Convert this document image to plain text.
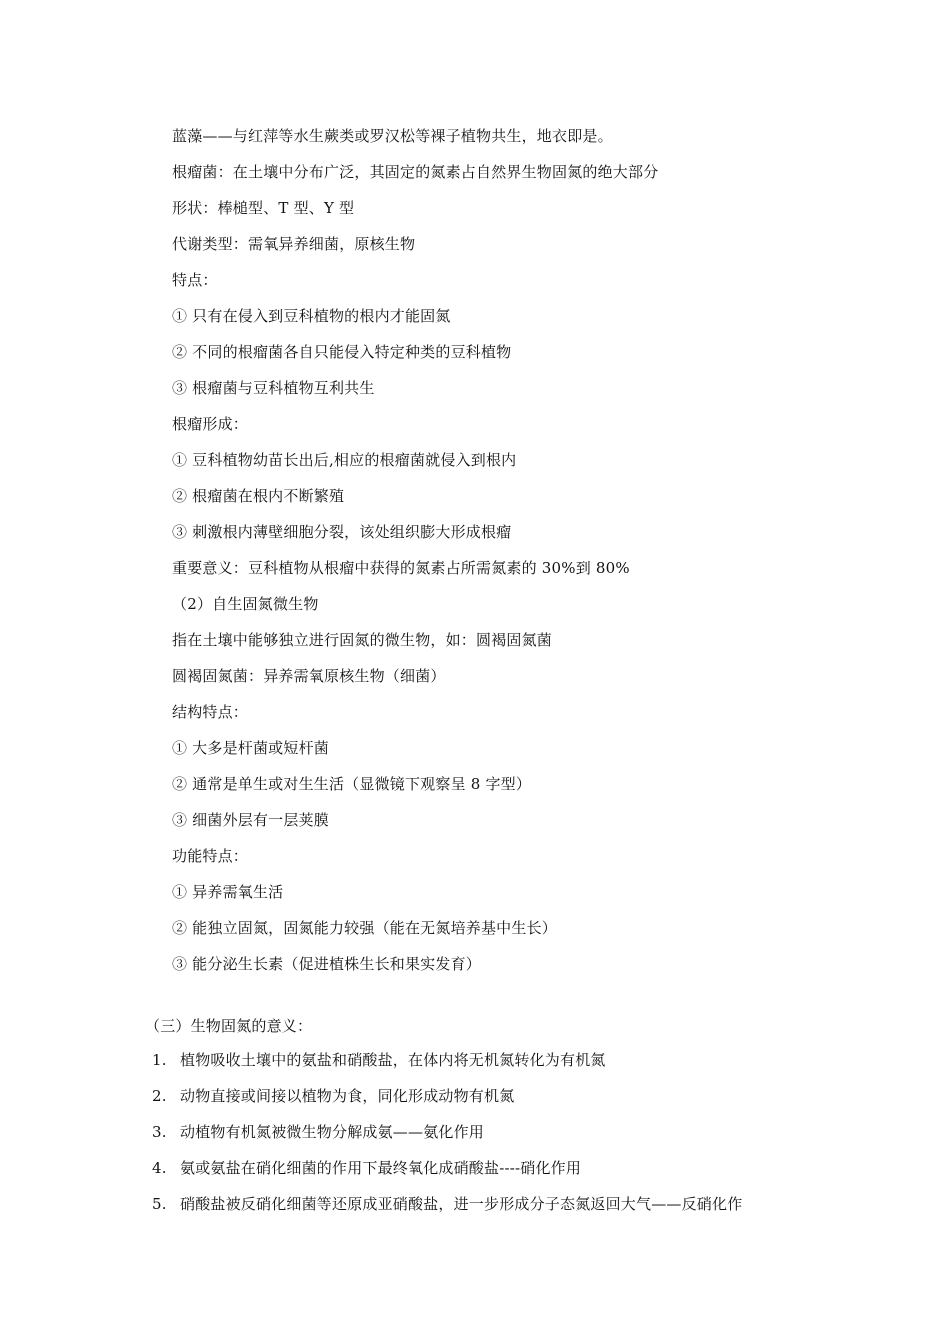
蓝藻——与红萍等水生蕨类或罗汉松等裸子植物共生，地衣即是。
根瘤菌：在土壤中分布广泛，其固定的氮素占自然界生物固氮的绝大部分
形状：棒槌型、T 型、Y 型
代谢类型：需氧异养细菌，原核生物
特点：
① 只有在侵入到豆科植物的根内才能固氮
② 不同的根瘤菌各自只能侵入特定种类的豆科植物
③ 根瘤菌与豆科植物互利共生
根瘤形成：
① 豆科植物幼苗长出后,相应的根瘤菌就侵入到根内
② 根瘤菌在根内不断繁殖
③ 刺激根内薄壁细胞分裂，该处组织膨大形成根瘤
重要意义：豆科植物从根瘤中获得的氮素占所需氮素的 30%到 80%
（2）自生固氮微生物
指在土壤中能够独立进行固氮的微生物，如：圆褐固氮菌
圆褐固氮菌：异养需氧原核生物（细菌）
结构特点：
① 大多是杆菌或短杆菌
② 通常是单生或对生生活（显微镜下观察呈 8 字型）
③ 细菌外层有一层荚膜
功能特点：
① 异养需氧生活
② 能独立固氮，固氮能力较强（能在无氮培养基中生长）
③ 能分泌生长素（促进植株生长和果实发育）
（三）生物固氮的意义：
1. 植物吸收土壤中的氨盐和硝酸盐，在体内将无机氮转化为有机氮
2. 动物直接或间接以植物为食，同化形成动物有机氮
3. 动植物有机氮被微生物分解成氨——氨化作用
4. 氨或氨盐在硝化细菌的作用下最终氧化成硝酸盐----硝化作用
5. 硝酸盐被反硝化细菌等还原成亚硝酸盐，进一步形成分子态氮返回大气——反硝化作
